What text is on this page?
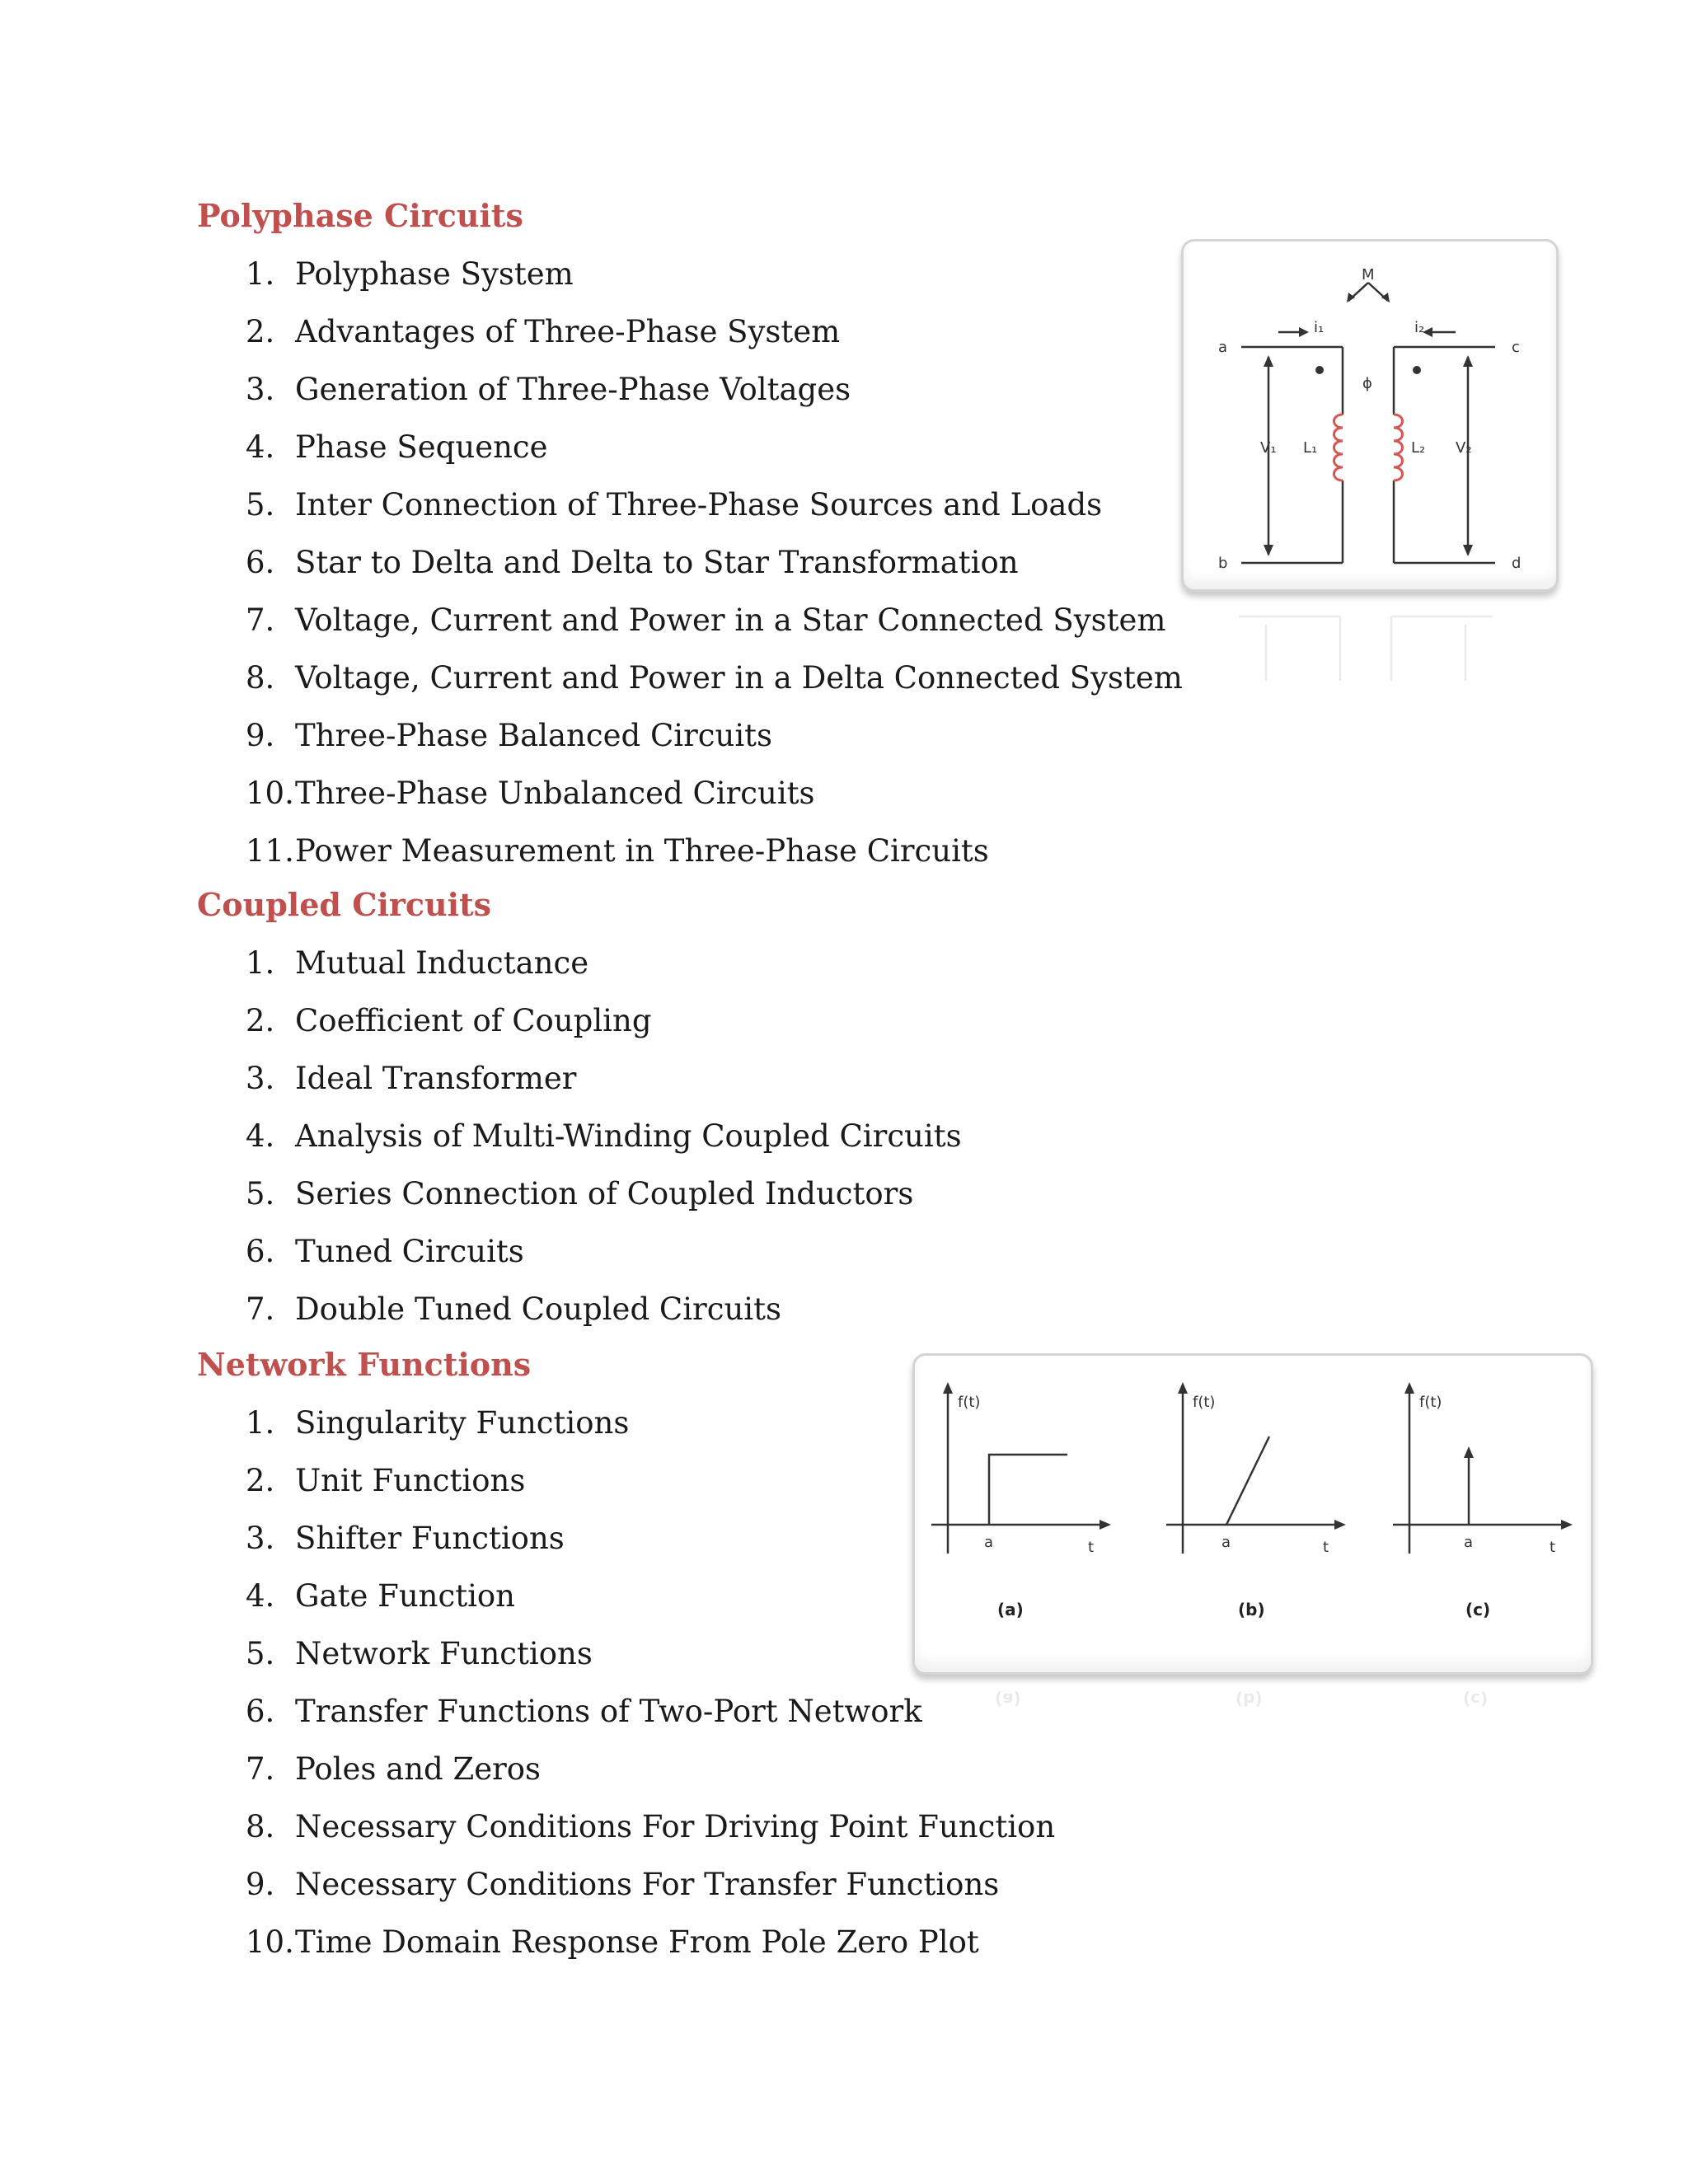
Polyphase Circuits
1. Polyphase System
2. Advantages of Three-Phase System
3. Generation of Three-Phase Voltages
4. Phase Sequence
5. Inter Connection of Three-Phase Sources and Loads
6. Star to Delta and Delta to Star Transformation
7. Voltage, Current and Power in a Star Connected System
8. Voltage, Current and Power in a Delta Connected System
9. Three-Phase Balanced Circuits
10. Three-Phase Unbalanced Circuits
11. Power Measurement in Three-Phase Circuits
Coupled Circuits
1. Mutual Inductance
2. Coefficient of Coupling
3. Ideal Transformer
4. Analysis of Multi-Winding Coupled Circuits
5. Series Connection of Coupled Inductors
6. Tuned Circuits
7. Double Tuned Coupled Circuits
Network Functions
1. Singularity Functions
2. Unit Functions
3. Shifter Functions
4. Gate Function
5. Network Functions
6. Transfer Functions of Two-Port Network
7. Poles and Zeros
8. Necessary Conditions For Driving Point Function
9. Necessary Conditions For Transfer Functions
10. Time Domain Response From Pole Zero Plot
M
i₁	i₂
ϕ
a
b
c
d
V₁ L₁	L₂ V₂
f(t)
a	t
f(t)
a	t
f(t)
a	t
(a)	(b)	(c)
(a)	(b)	(c)
